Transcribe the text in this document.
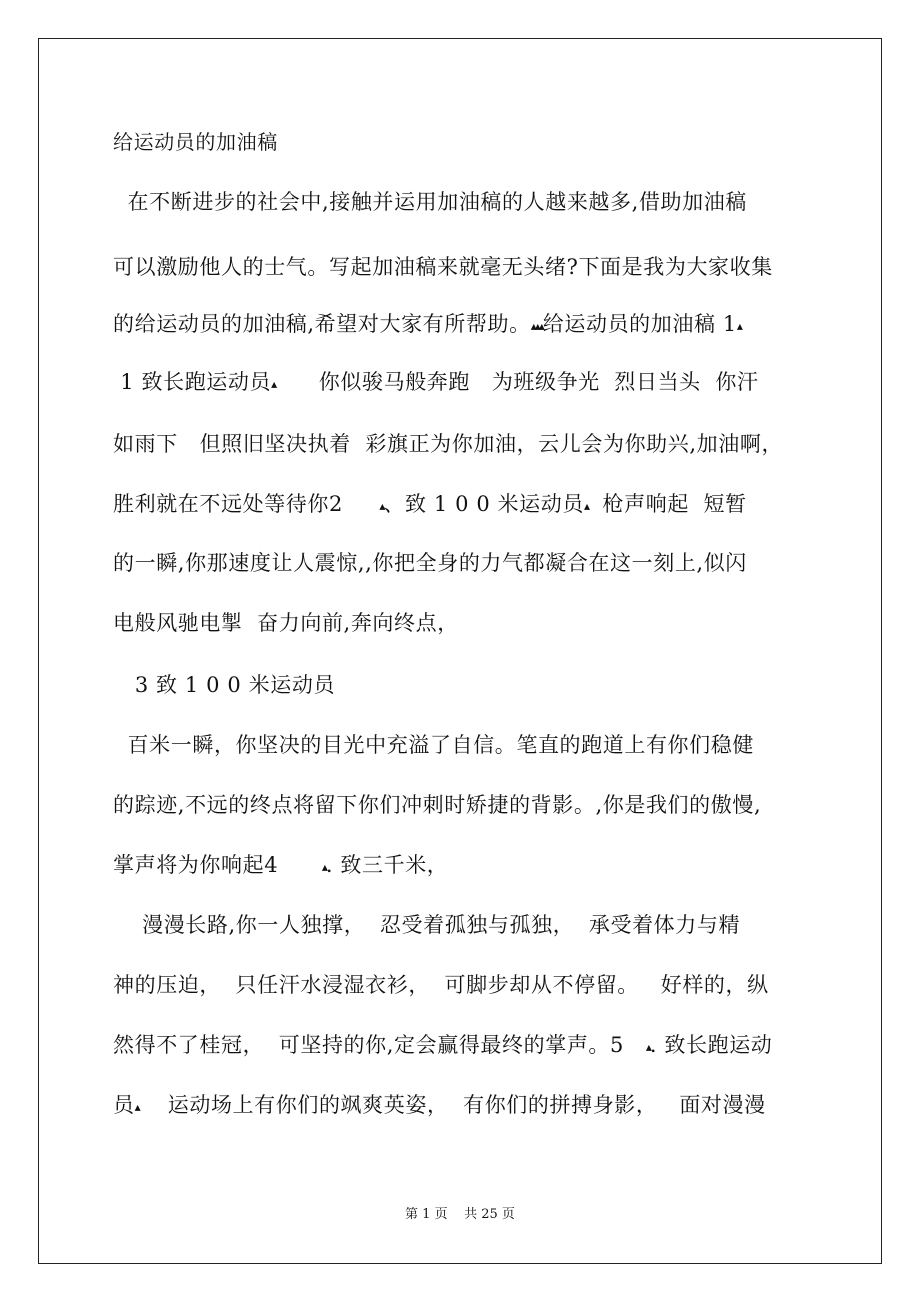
给运动员的加油稿
在不断进步的社会中,接触并运用加油稿的人越来越多,借助加油稿
可以激励他人的士气。写起加油稿来就毫无头绪?下面是我为大家收集
的给运动员的加油稿,希望对大家有所帮助。▴▴▴给运动员的加油稿 1▴
1 致长跑运动员▴      你似骏马般奔跑   为班级争光  烈日当头  你汗
如雨下   但照旧坚决执着  彩旗正为你加油，云儿会为你助兴,加油啊，
胜利就在不远处等待你2     ▴、致 1 0 0 米运动员▴  枪声响起  短暂
的一瞬,你那速度让人震惊,,你把全身的力气都凝合在这一刻上,似闪
电般风驰电掣  奋力向前,奔向终点，
3 致 1 0 0 米运动员
百米一瞬，你坚决的目光中充溢了自信。笔直的跑道上有你们稳健
的踪迹,不远的终点将留下你们冲刺时矫捷的背影。,你是我们的傲慢,
掌声将为你响起4      ▴. 致三千米，
漫漫长路,你一人独撑，  忍受着孤独与孤独，  承受着体力与精
神的压迫，  只任汗水浸湿衣衫，  可脚步却从不停留。   好样的，纵
然得不了桂冠，  可坚持的你,定会赢得最终的掌声。5   ▴. 致长跑运动
员▴    运动场上有你们的飒爽英姿，  有你们的拼搏身影，   面对漫漫
第 1 页 共 25 页
